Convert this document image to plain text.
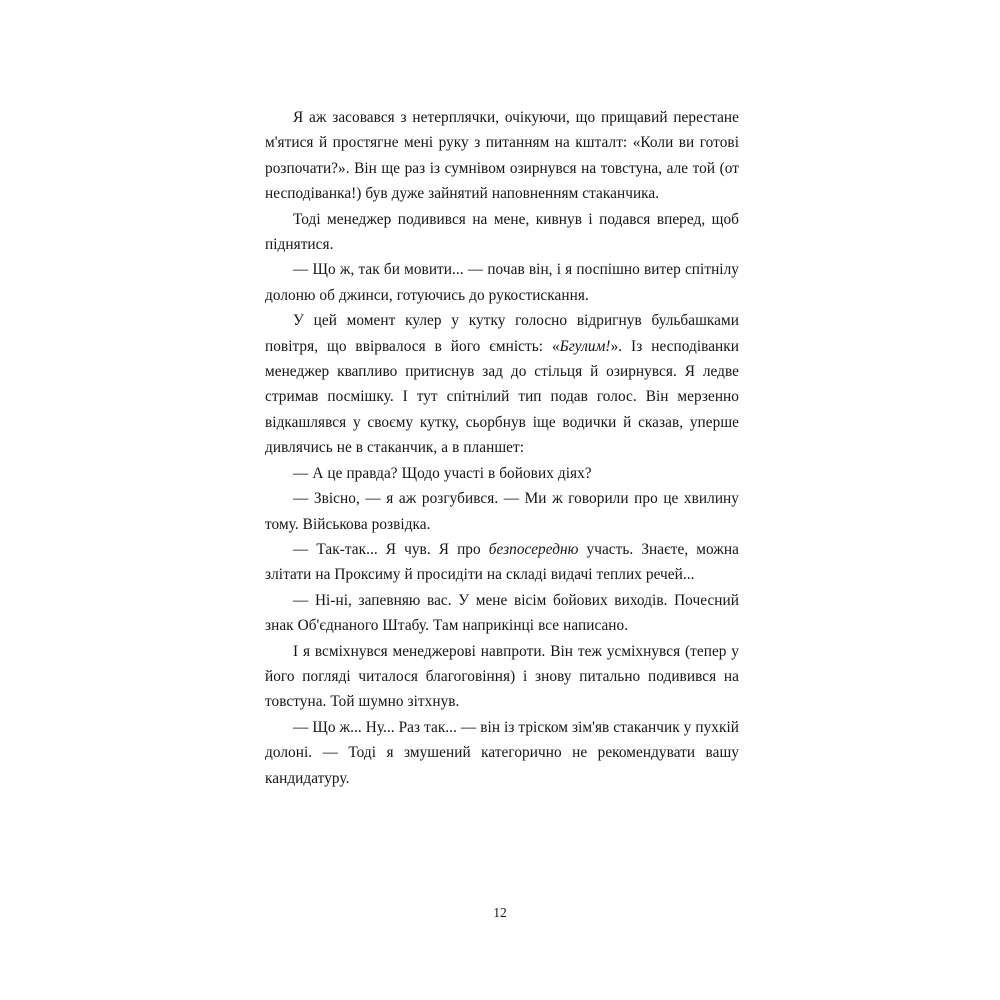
Я аж засовався з нетерплячки, очікуючи, що прищавий перестане м'ятися й простягне мені руку з питанням на кшталт: «Коли ви готові розпочати?». Він ще раз із сумнівом озирнувся на товстуна, але той (от несподіванка!) був дуже зайнятий наповненням стаканчика.

Тоді менеджер подивився на мене, кивнув і подався вперед, щоб піднятися.

— Що ж, так би мовити... — почав він, і я поспішно витер спітнілу долоню об джинси, готуючись до рукостискання.

У цей момент кулер у кутку голосно відригнув бульбашками повітря, що ввірвалося в його ємність: «Бгулим!». Із несподіванки менеджер квапливо притиснув зад до стільця й озирнувся. Я ледве стримав посмішку. І тут спітнілий тип подав голос. Він мерзенно відкашлявся у своєму кутку, сьорбнув іще водички й сказав, уперше дивлячись не в стаканчик, а в планшет:

— А це правда? Щодо участі в бойових діях?

— Звісно, — я аж розгубився. — Ми ж говорили про це хвилину тому. Військова розвідка.

— Так-так... Я чув. Я про безпосередню участь. Знаєте, можна злітати на Проксиму й просидіти на складі видачі теплих речей...

— Ні-ні, запевняю вас. У мене вісім бойових виходів. Почесний знак Об'єднаного Штабу. Там наприкінці все написано.

І я всміхнувся менеджерові навпроти. Він теж усміхнувся (тепер у його погляді читалося благоговіння) і знову питально подивився на товстуна. Той шумно зітхнув.

— Що ж... Ну... Раз так... — він із тріском зім'яв стаканчик у пухкій долоні. — Тоді я змушений категорично не рекомендувати вашу кандидатуру.

12
